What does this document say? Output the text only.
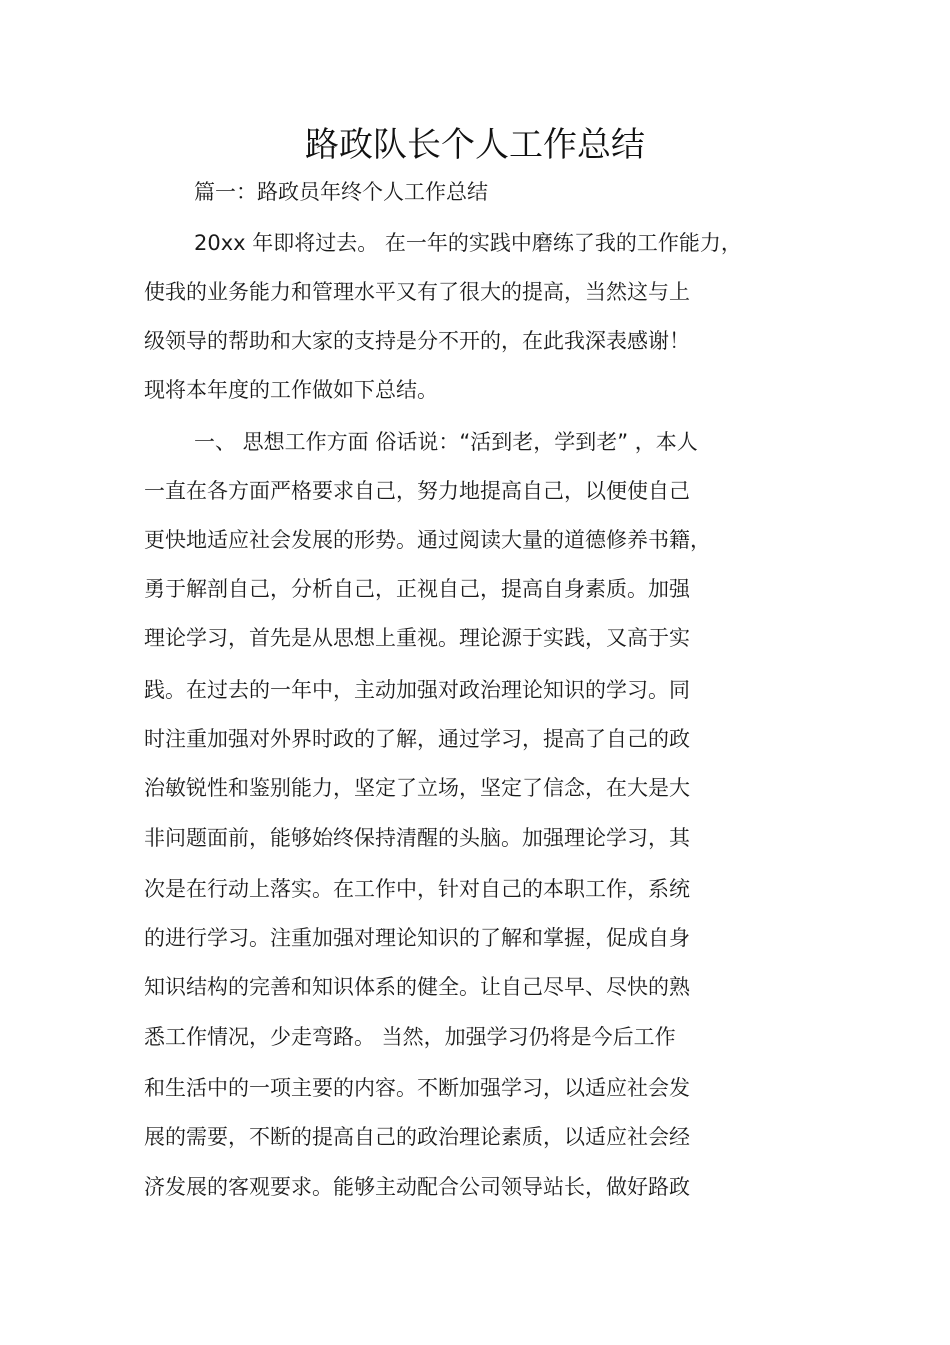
路政队长个人工作总结
篇一：路政员年终个人工作总结
20xx 年即将过去。 在一年的实践中磨练了我的工作能力，
使我的业务能力和管理水平又有了很大的提高，当然这与上
级领导的帮助和大家的支持是分不开的，在此我深表感谢！
现将本年度的工作做如下总结。
一、 思想工作方面 俗话说：“活到老，学到老” ，本人
一直在各方面严格要求自己，努力地提高自己，以便使自己
更快地适应社会发展的形势。通过阅读大量的道德修养书籍，
勇于解剖自己，分析自己，正视自己，提高自身素质。加强
理论学习，首先是从思想上重视。理论源于实践，又高于实
践。在过去的一年中，主动加强对政治理论知识的学习。同
时注重加强对外界时政的了解，通过学习，提高了自己的政
治敏锐性和鉴别能力，坚定了立场，坚定了信念，在大是大
非问题面前，能够始终保持清醒的头脑。加强理论学习，其
次是在行动上落实。在工作中，针对自己的本职工作，系统
的进行学习。注重加强对理论知识的了解和掌握，促成自身
知识结构的完善和知识体系的健全。让自己尽早、尽快的熟
悉工作情况，少走弯路。 当然，加强学习仍将是今后工作
和生活中的一项主要的内容。不断加强学习，以适应社会发
展的需要，不断的提高自己的政治理论素质，以适应社会经
济发展的客观要求。能够主动配合公司领导站长，做好路政
